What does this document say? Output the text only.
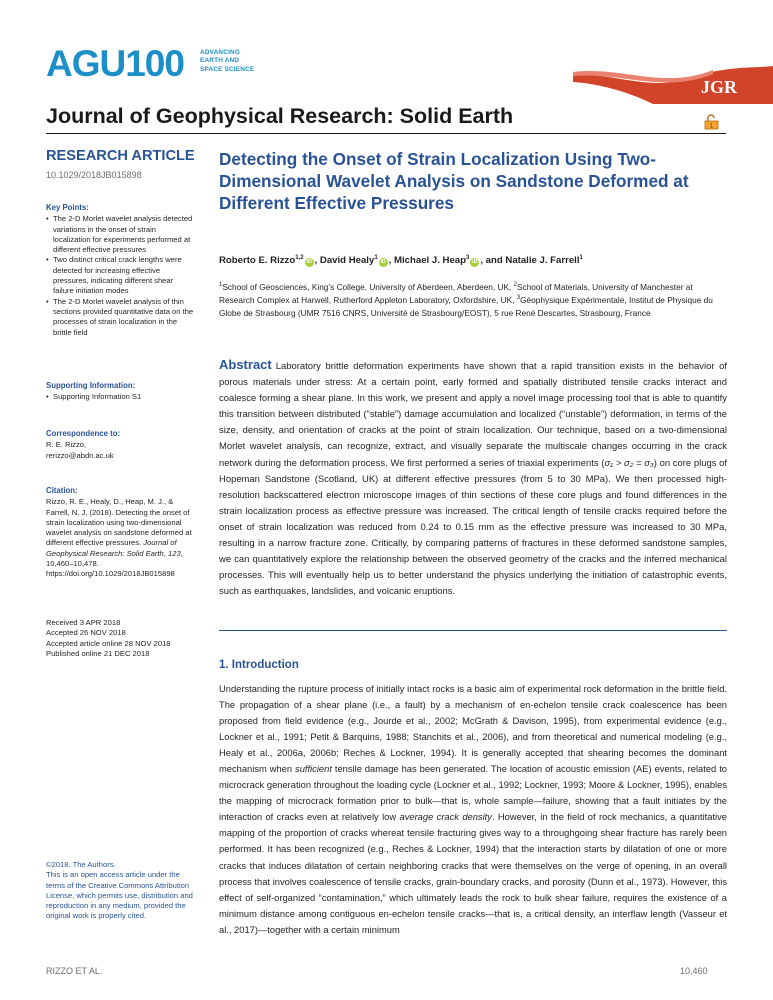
AGU100	ADVANCING
EARTH AND
SPACE SCIENCE
JGR
Journal of Geophysical Research: Solid Earth	1
RESEARCH ARTICLE
10.1029/2018JB015898
Key Points:
• The 2-D Morlet wavelet analysis detected variations in the onset of strain localization for experiments performed at different effective pressures
• Two distinct critical crack lengths were detected for increasing effective pressures, indicating different shear failure initiation modes
• The 2-D Morlet wavelet analysis of thin sections provided quantitative data on the processes of strain localization in the brittle field
Supporting Information:
• Supporting Information S1
Correspondence to:
R. E. Rizzo,
rerizzo@abdn.ac.uk
Citation:
Rizzo, R. E., Healy, D., Heap, M. J., & Farrell, N. J. (2018). Detecting the onset of strain localization using two-dimensional wavelet analysis on sandstone deformed at different effective pressures. Journal of Geophysical Research: Solid Earth, 123, 10,460–10,478. https://doi.org/10.1029/2018JB015898
Received 3 APR 2018
Accepted 26 NOV 2018
Accepted article online 28 NOV 2018
Published online 21 DEC 2018
©2018. The Authors.
This is an open access article under the terms of the Creative Commons Attribution License, which permits use, distribution and reproduction in any medium, provided the original work is properly cited.
Detecting the Onset of Strain Localization Using Two-Dimensional Wavelet Analysis on Sandstone Deformed at Different Effective Pressures
Roberto E. Rizzo$^{1,2}$iD , David Healy$^1$iD , Michael J. Heap$^3$iD , and Natalie J. Farrell$^1$
$^1$School of Geosciences, King’s College, University of Aberdeen, Aberdeen, UK, $^2$School of Materials, University of Manchester at Research Complex at Harwell, Rutherford Appleton Laboratory, Oxfordshire, UK, $^3$Géophysique Expérimentale, Institut de Physique du Globe de Strasbourg (UMR 7516 CNRS, Université de Strasbourg/EOST), 5 rue René Descartes, Strasbourg, France
Abstract Laboratory brittle deformation experiments have shown that a rapid transition exists in the behavior of porous materials under stress: At a certain point, early formed and spatially distributed tensile cracks interact and coalesce forming a shear plane. In this work, we present and apply a novel image processing tool that is able to quantify this transition between distributed (“stable”) damage accumulation and localized (“unstable”) deformation, in terms of the size, density, and orientation of cracks at the point of strain localization. Our technique, based on a two-dimensional Morlet wavelet analysis, can recognize, extract, and visually separate the multiscale changes occurring in the crack network during the deformation process. We first performed a series of triaxial experiments (σ₁ > σ₂ = σ₃) on core plugs of Hopeman Sandstone (Scotland, UK) at different effective pressures (from 5 to 30 MPa). We then processed high-resolution backscattered electron microscope images of thin sections of these core plugs and found differences in the strain localization process as effective pressure was increased. The critical length of tensile cracks required before the onset of strain localization was reduced from 0.24 to 0.15 mm as the effective pressure was increased to 30 MPa, resulting in a narrow fracture zone. Critically, by comparing patterns of fractures in these deformed sandstone samples, we can quantitatively explore the relationship between the observed geometry of the cracks and the inferred mechanical processes. This will eventually help us to better understand the physics underlying the initiation of catastrophic events, such as earthquakes, landslides, and volcanic eruptions.
1. Introduction
Understanding the rupture process of initially intact rocks is a basic aim of experimental rock deformation in the brittle field. The propagation of a shear plane (i.e., a fault) by a mechanism of en-echelon tensile crack coalescence has been proposed from field evidence (e.g., Jourde et al., 2002; McGrath & Davison, 1995), from experimental evidence (e.g., Lockner et al., 1991; Petit & Barquins, 1988; Stanchits et al., 2006), and from theoretical and numerical modeling (e.g., Healy et al., 2006a, 2006b; Reches & Lockner, 1994). It is generally accepted that shearing becomes the dominant mechanism when sufficient tensile damage has been generated. The location of acoustic emission (AE) events, related to microcrack generation throughout the loading cycle (Lockner et al., 1992; Lockner, 1993; Moore & Lockner, 1995), enables the mapping of microcrack formation prior to bulk—that is, whole sample—failure, showing that a fault initiates by the interaction of cracks even at relatively low average crack density. However, in the field of rock mechanics, a quantitative mapping of the proportion of cracks whereat tensile fracturing gives way to a throughgoing shear fracture has rarely been performed. It has been recognized (e.g., Reches & Lockner, 1994) that the interaction starts by dilatation of one or more cracks that induces dilatation of certain neighboring cracks that were themselves on the verge of opening, in an overall process that involves coalescence of tensile cracks, grain-boundary cracks, and porosity (Dunn et al., 1973). However, this effect of self-organized “contamination,” which ultimately leads the rock to bulk shear failure, requires the existence of a minimum distance among contiguous en-echelon tensile cracks—that is, a critical density, an interflaw length (Vasseur et al., 2017)—together with a certain minimum
RIZZO ET AL.	10,460
